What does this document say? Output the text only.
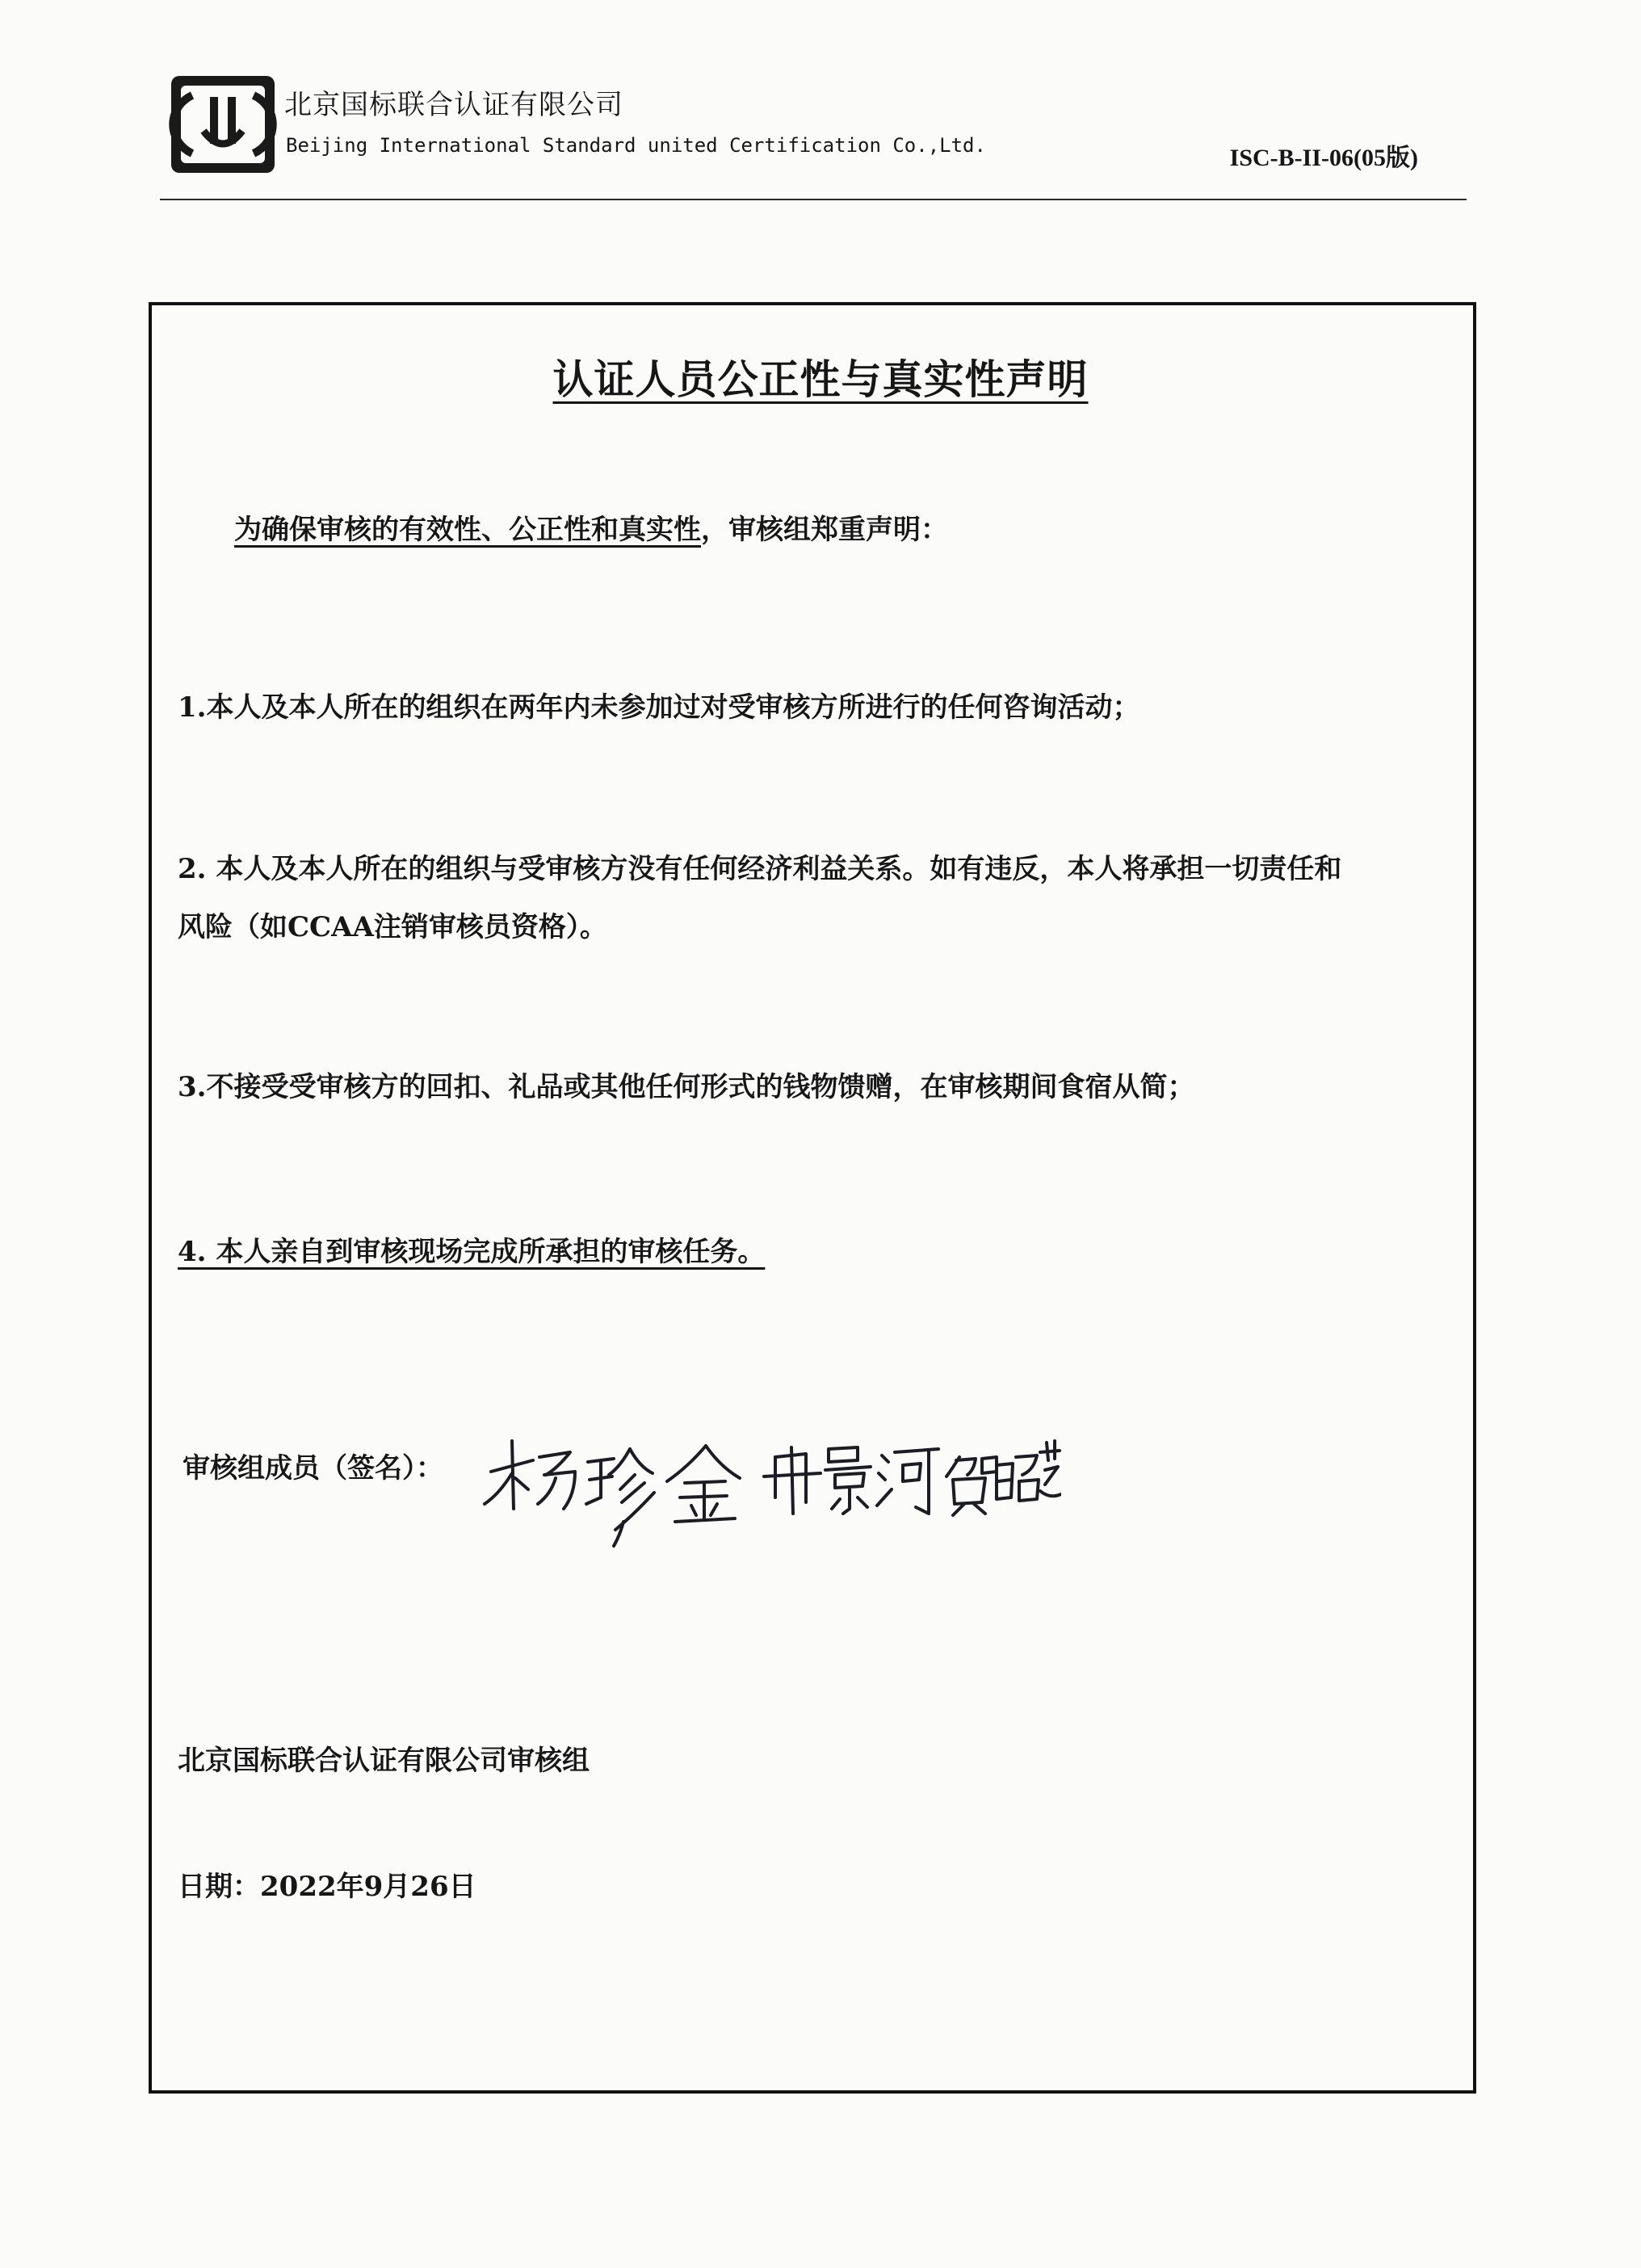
北京国标联合认证有限公司
Beijing International Standard united Certification Co.,Ltd.	ISC-B-II-06(05版)
认证人员公正性与真实性声明
为确保审核的有效性、公正性和真实性，审核组郑重声明：
1.本人及本人所在的组织在两年内未参加过对受审核方所进行的任何咨询活动；
2. 本人及本人所在的组织与受审核方没有任何经济利益关系。如有违反，本人将承担一切责任和
风险（如CCAA注销审核员资格）。
3.不接受受审核方的回扣、礼品或其他任何形式的钱物馈赠，在审核期间食宿从简；
4. 本人亲自到审核现场完成所承担的审核任务。
审核组成员（签名）：
北京国标联合认证有限公司审核组
日期：2022年9月26日
